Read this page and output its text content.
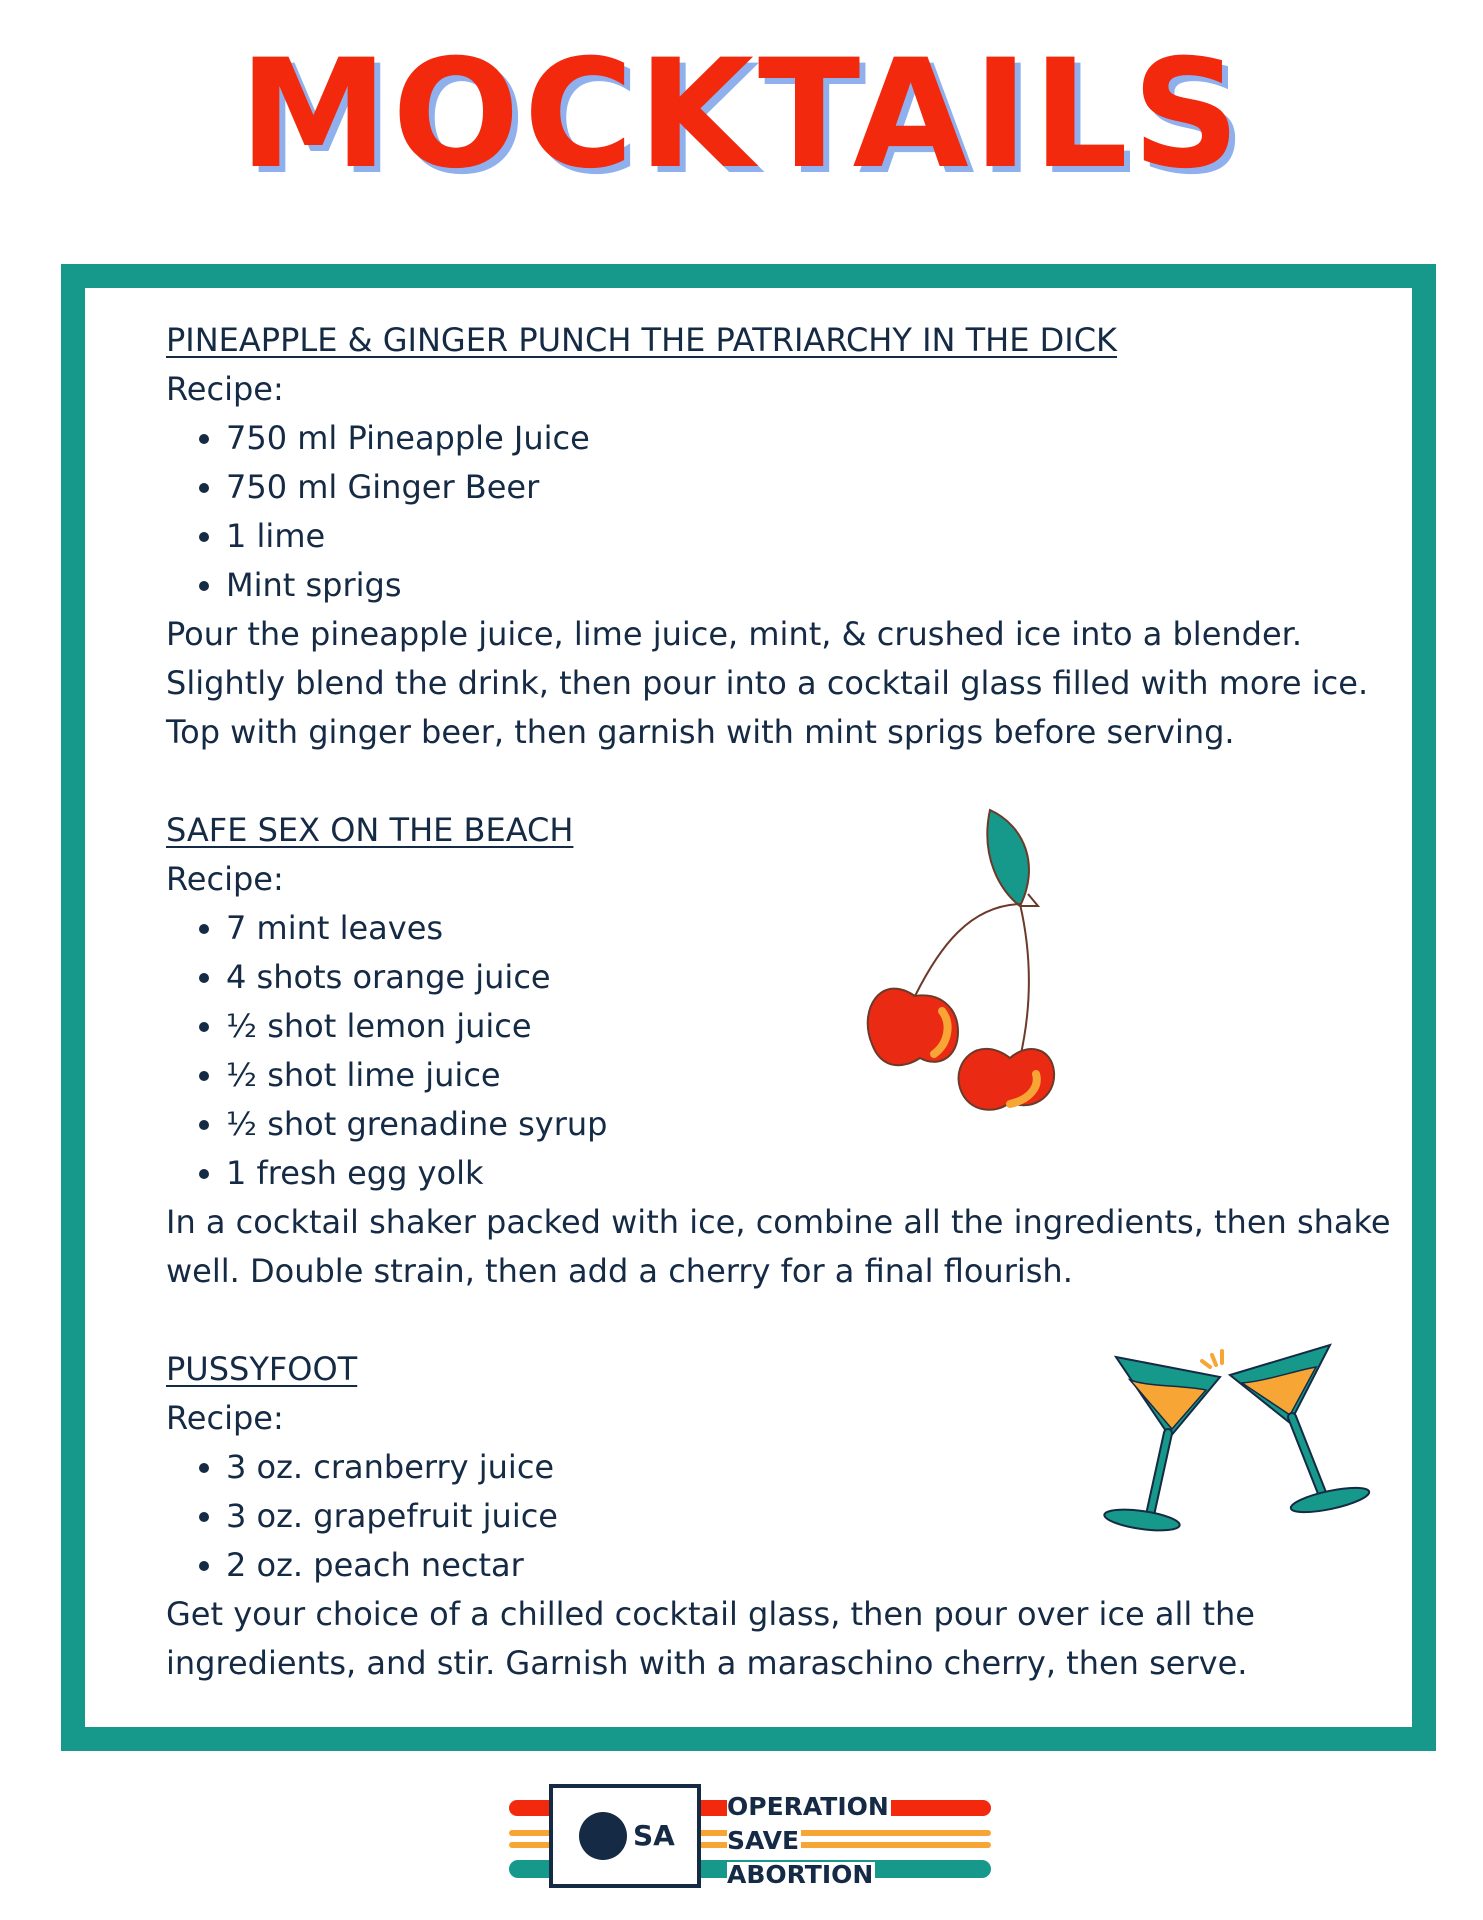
MOCKTAILS
PINEAPPLE & GINGER PUNCH THE PATRIARCHY IN THE DICK

Recipe:

• 750 ml Pineapple Juice
• 750 ml Ginger Beer
• 1 lime
• Mint sprigs

Pour the pineapple juice, lime juice, mint, & crushed ice into a blender. Slightly blend the drink, then pour into a cocktail glass filled with more ice. Top with ginger beer, then garnish with mint sprigs before serving.

SAFE SEX ON THE BEACH

Recipe:

• 7 mint leaves
• 4 shots orange juice
• ½ shot lemon juice
• ½ shot lime juice
• ½ shot grenadine syrup
• 1 fresh egg yolk

In a cocktail shaker packed with ice, combine all the ingredients, then shake well. Double strain, then add a cherry for a final flourish.

PUSSYFOOT

Recipe:

• 3 oz. cranberry juice
• 3 oz. grapefruit juice
• 2 oz. peach nectar

Get your choice of a chilled cocktail glass, then pour over ice all the ingredients, and stir. Garnish with a maraschino cherry, then serve.

SA
OPERATION
SAVE
ABORTION
